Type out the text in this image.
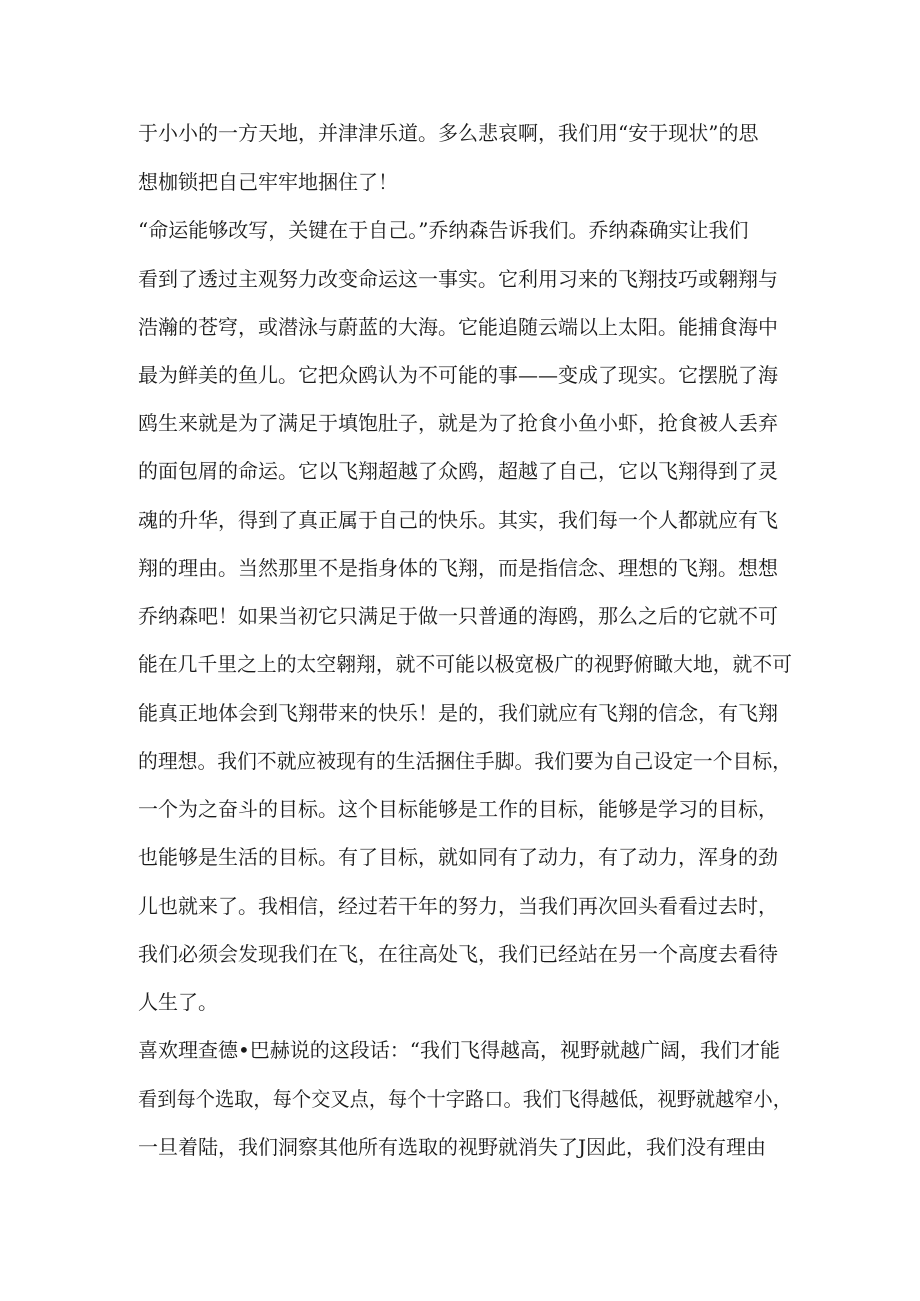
于小小的一方天地，并津津乐道。多么悲哀啊，我们用“安于现状”的思
想枷锁把自己牢牢地捆住了！
“命运能够改写，关键在于自己。”乔纳森告诉我们。乔纳森确实让我们
看到了透过主观努力改变命运这一事实。它利用习来的飞翔技巧或翱翔与
浩瀚的苍穹，或潜泳与蔚蓝的大海。它能追随云端以上太阳。能捕食海中
最为鲜美的鱼儿。它把众鸥认为不可能的事——变成了现实。它摆脱了海
鸥生来就是为了满足于填饱肚子，就是为了抢食小鱼小虾，抢食被人丢弃
的面包屑的命运。它以飞翔超越了众鸥，超越了自己，它以飞翔得到了灵
魂的升华，得到了真正属于自己的快乐。其实，我们每一个人都就应有飞
翔的理由。当然那里不是指身体的飞翔，而是指信念、理想的飞翔。想想
乔纳森吧！如果当初它只满足于做一只普通的海鸥，那么之后的它就不可
能在几千里之上的太空翱翔，就不可能以极宽极广的视野俯瞰大地，就不可
能真正地体会到飞翔带来的快乐！是的，我们就应有飞翔的信念，有飞翔
的理想。我们不就应被现有的生活捆住手脚。我们要为自己设定一个目标，
一个为之奋斗的目标。这个目标能够是工作的目标，能够是学习的目标，
也能够是生活的目标。有了目标，就如同有了动力，有了动力，浑身的劲
儿也就来了。我相信，经过若干年的努力，当我们再次回头看看过去时，
我们必须会发现我们在飞，在往高处飞，我们已经站在另一个高度去看待
人生了。
喜欢理查德•巴赫说的这段话：“我们飞得越高，视野就越广阔，我们才能
看到每个选取，每个交叉点，每个十字路口。我们飞得越低，视野就越窄小，
一旦着陆，我们洞察其他所有选取的视野就消失了J因此，我们没有理由
